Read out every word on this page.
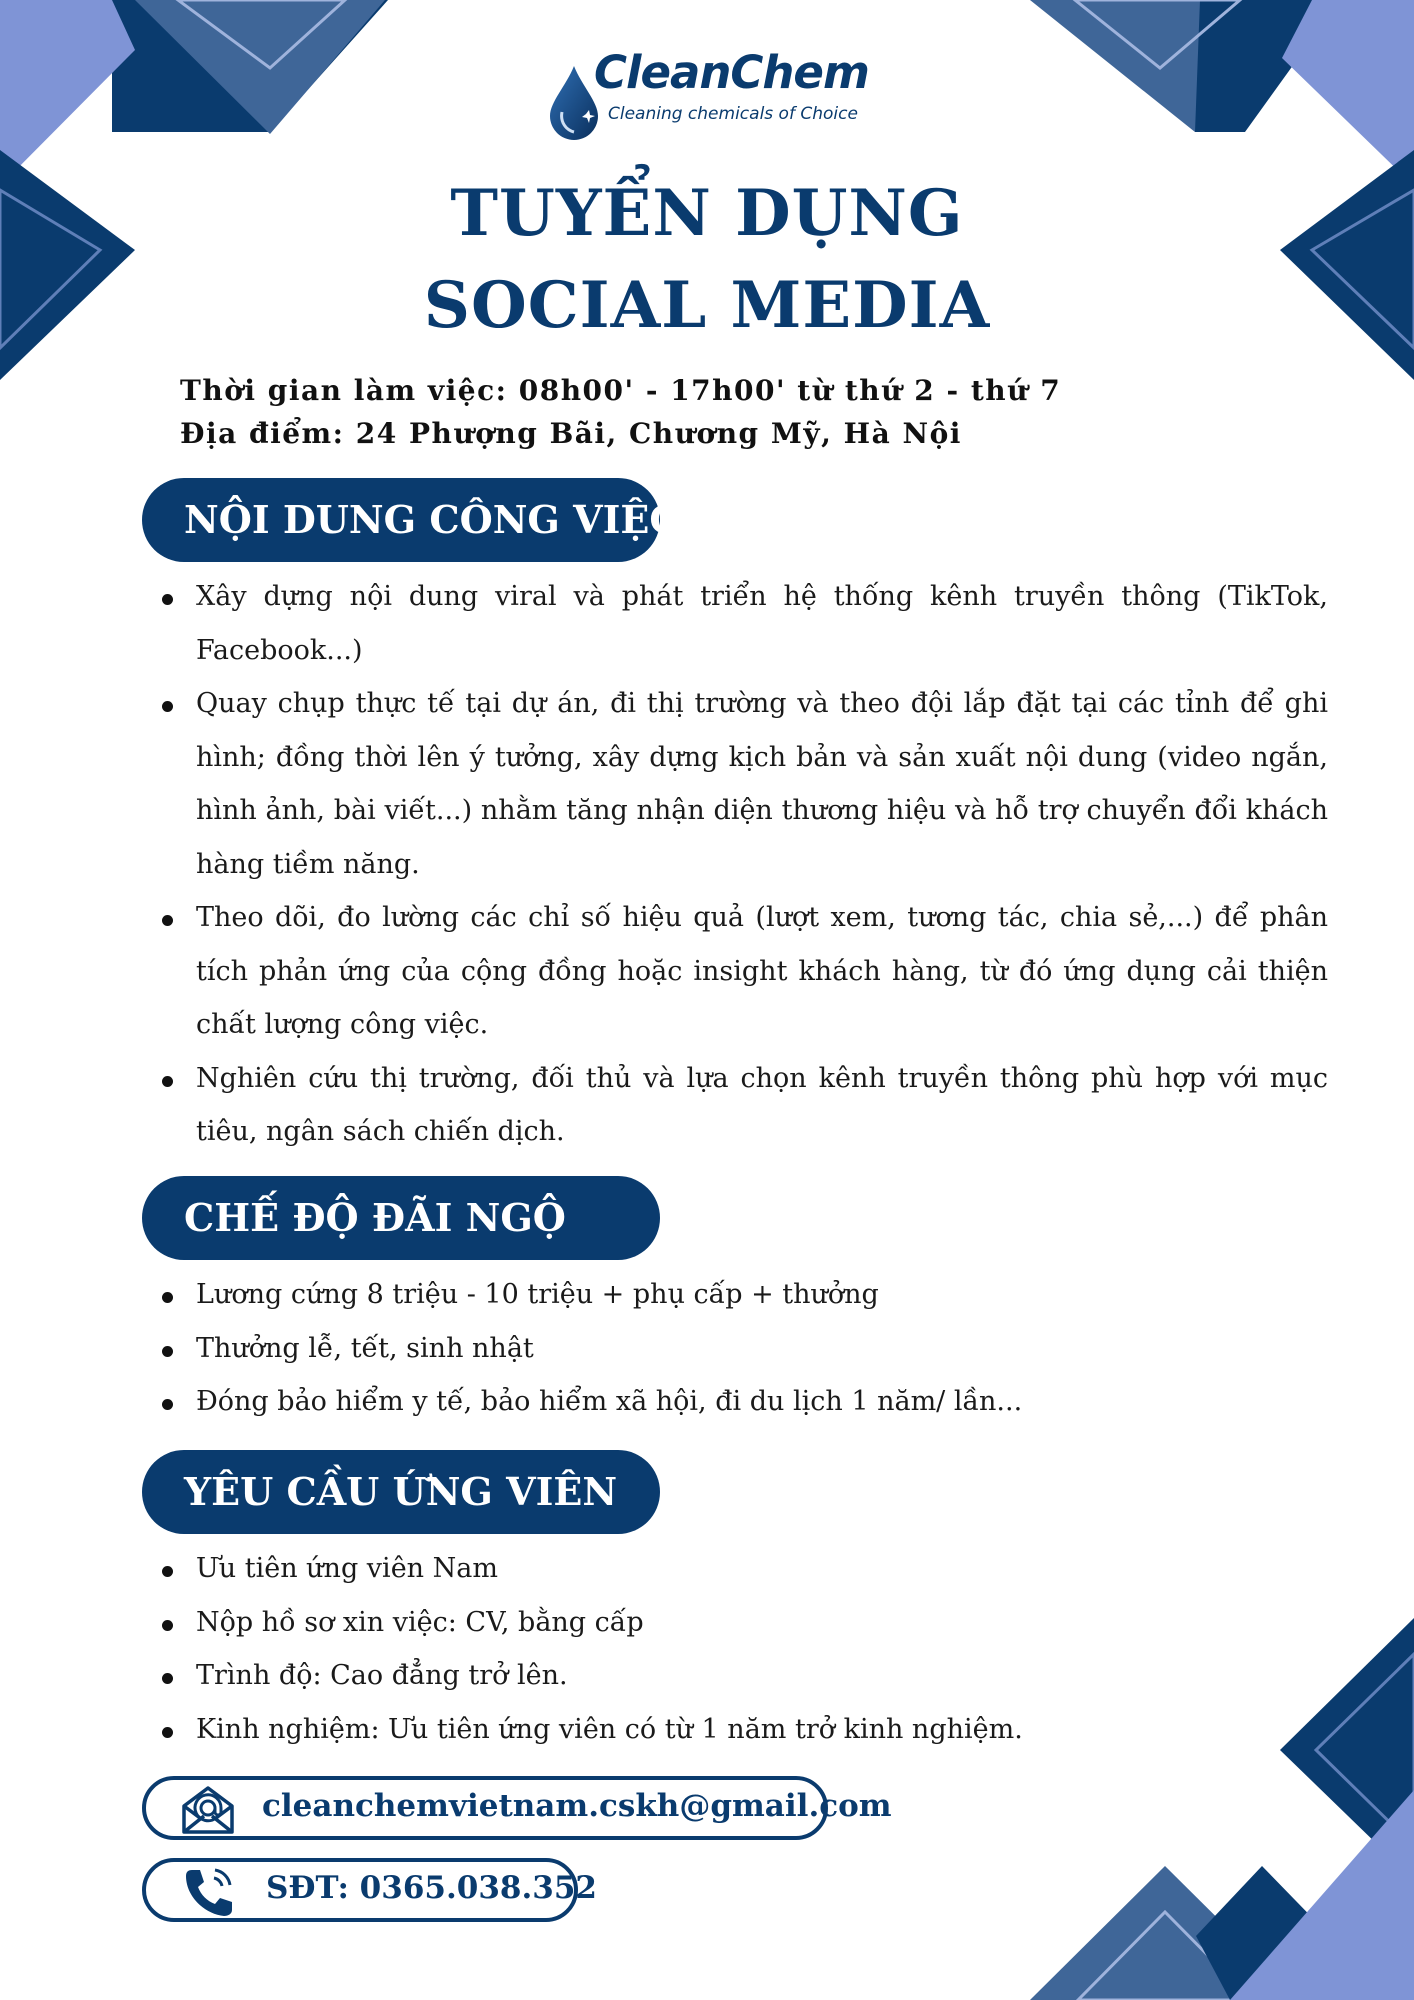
CleanChem
Cleaning chemicals of Choice
TUYỂN DỤNG
SOCIAL MEDIA
Thời gian làm việc: 08h00' - 17h00' từ thứ 2 - thứ 7
Địa điểm: 24 Phượng Bãi, Chương Mỹ, Hà Nội
NỘI DUNG CÔNG VIỆC
Xây dựng nội dung viral và phát triển hệ thống kênh truyền thông (TikTok, Facebook...)
Quay chụp thực tế tại dự án, đi thị trường và theo đội lắp đặt tại các tỉnh để ghi hình; đồng thời lên ý tưởng, xây dựng kịch bản và sản xuất nội dung (video ngắn, hình ảnh, bài viết...) nhằm tăng nhận diện thương hiệu và hỗ trợ chuyển đổi khách hàng tiềm năng.
Theo dõi, đo lường các chỉ số hiệu quả (lượt xem, tương tác, chia sẻ,...) để phân tích phản ứng của cộng đồng hoặc insight khách hàng, từ đó ứng dụng cải thiện chất lượng công việc.
Nghiên cứu thị trường, đối thủ và lựa chọn kênh truyền thông phù hợp với mục tiêu, ngân sách chiến dịch.
CHẾ ĐỘ ĐÃI NGỘ
Lương cứng 8 triệu - 10 triệu + phụ cấp + thưởng
Thưởng lễ, tết, sinh nhật
Đóng bảo hiểm y tế, bảo hiểm xã hội, đi du lịch 1 năm/ lần...
YÊU CẦU ỨNG VIÊN
Ưu tiên ứng viên Nam
Nộp hồ sơ xin việc: CV, bằng cấp
Trình độ: Cao đẳng trở lên.
Kinh nghiệm: Ưu tiên ứng viên có từ 1 năm trở kinh nghiệm.
cleanchemvietnam.cskh@gmail.com
SĐT: 0365.038.352
